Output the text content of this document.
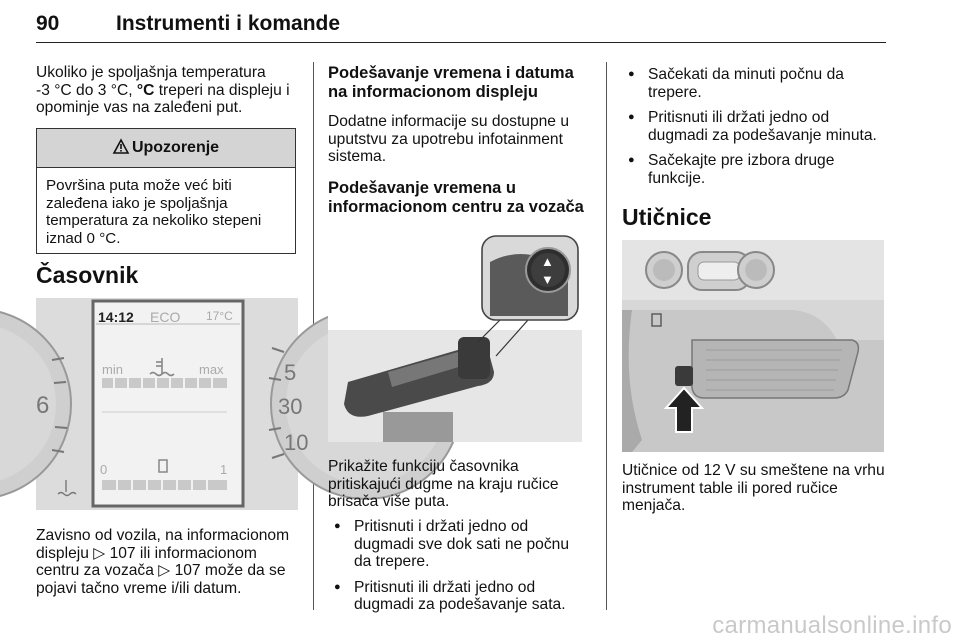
90	Instrumenti i komande

Ukoliko je spoljašnja temperatura
-3 °C do 3 °C, °C treperi na displeju i
opominje vas na zaleđeni put.

Upozorenje
Površina puta može već biti
zaleđena iako je spoljašnja
temperatura za nekoliko stepeni
iznad 0 °C.
Časovnik
14:12 ECO 17°C
min	max
0	1
6
5
30
10

Zavisno od vozila, na informacionom
displeju ▷ 107 ili informacionom
centru za vozača ▷ 107 može da se
pojavi tačno vreme i/ili datum.

Podešavanje vremena i datuma
na informacionom displeju

Dodatne informacije su dostupne u
uputstvu za upotrebu infotainment
sistema.

Podešavanje vremena u
informacionom centru za vozača
▲
▼

Prikažite funkciju časovnika
pritiskajući dugme na kraju ručice
brisača više puta.

● Pritisnuti i držati jedno od
dugmadi sve dok sati ne počnu
da trepere.
● Pritisnuti ili držati jedno od
dugmadi za podešavanje sata.
● Sačekati da minuti počnu da
trepere.
● Pritisnuti ili držati jedno od
dugmadi za podešavanje minuta.
● Sačekajte pre izbora druge
funkcije.
Utičnice

Utičnice od 12 V su smeštene na vrhu
instrument table ili pored ručice
menjača.

carmanualsonline.info
